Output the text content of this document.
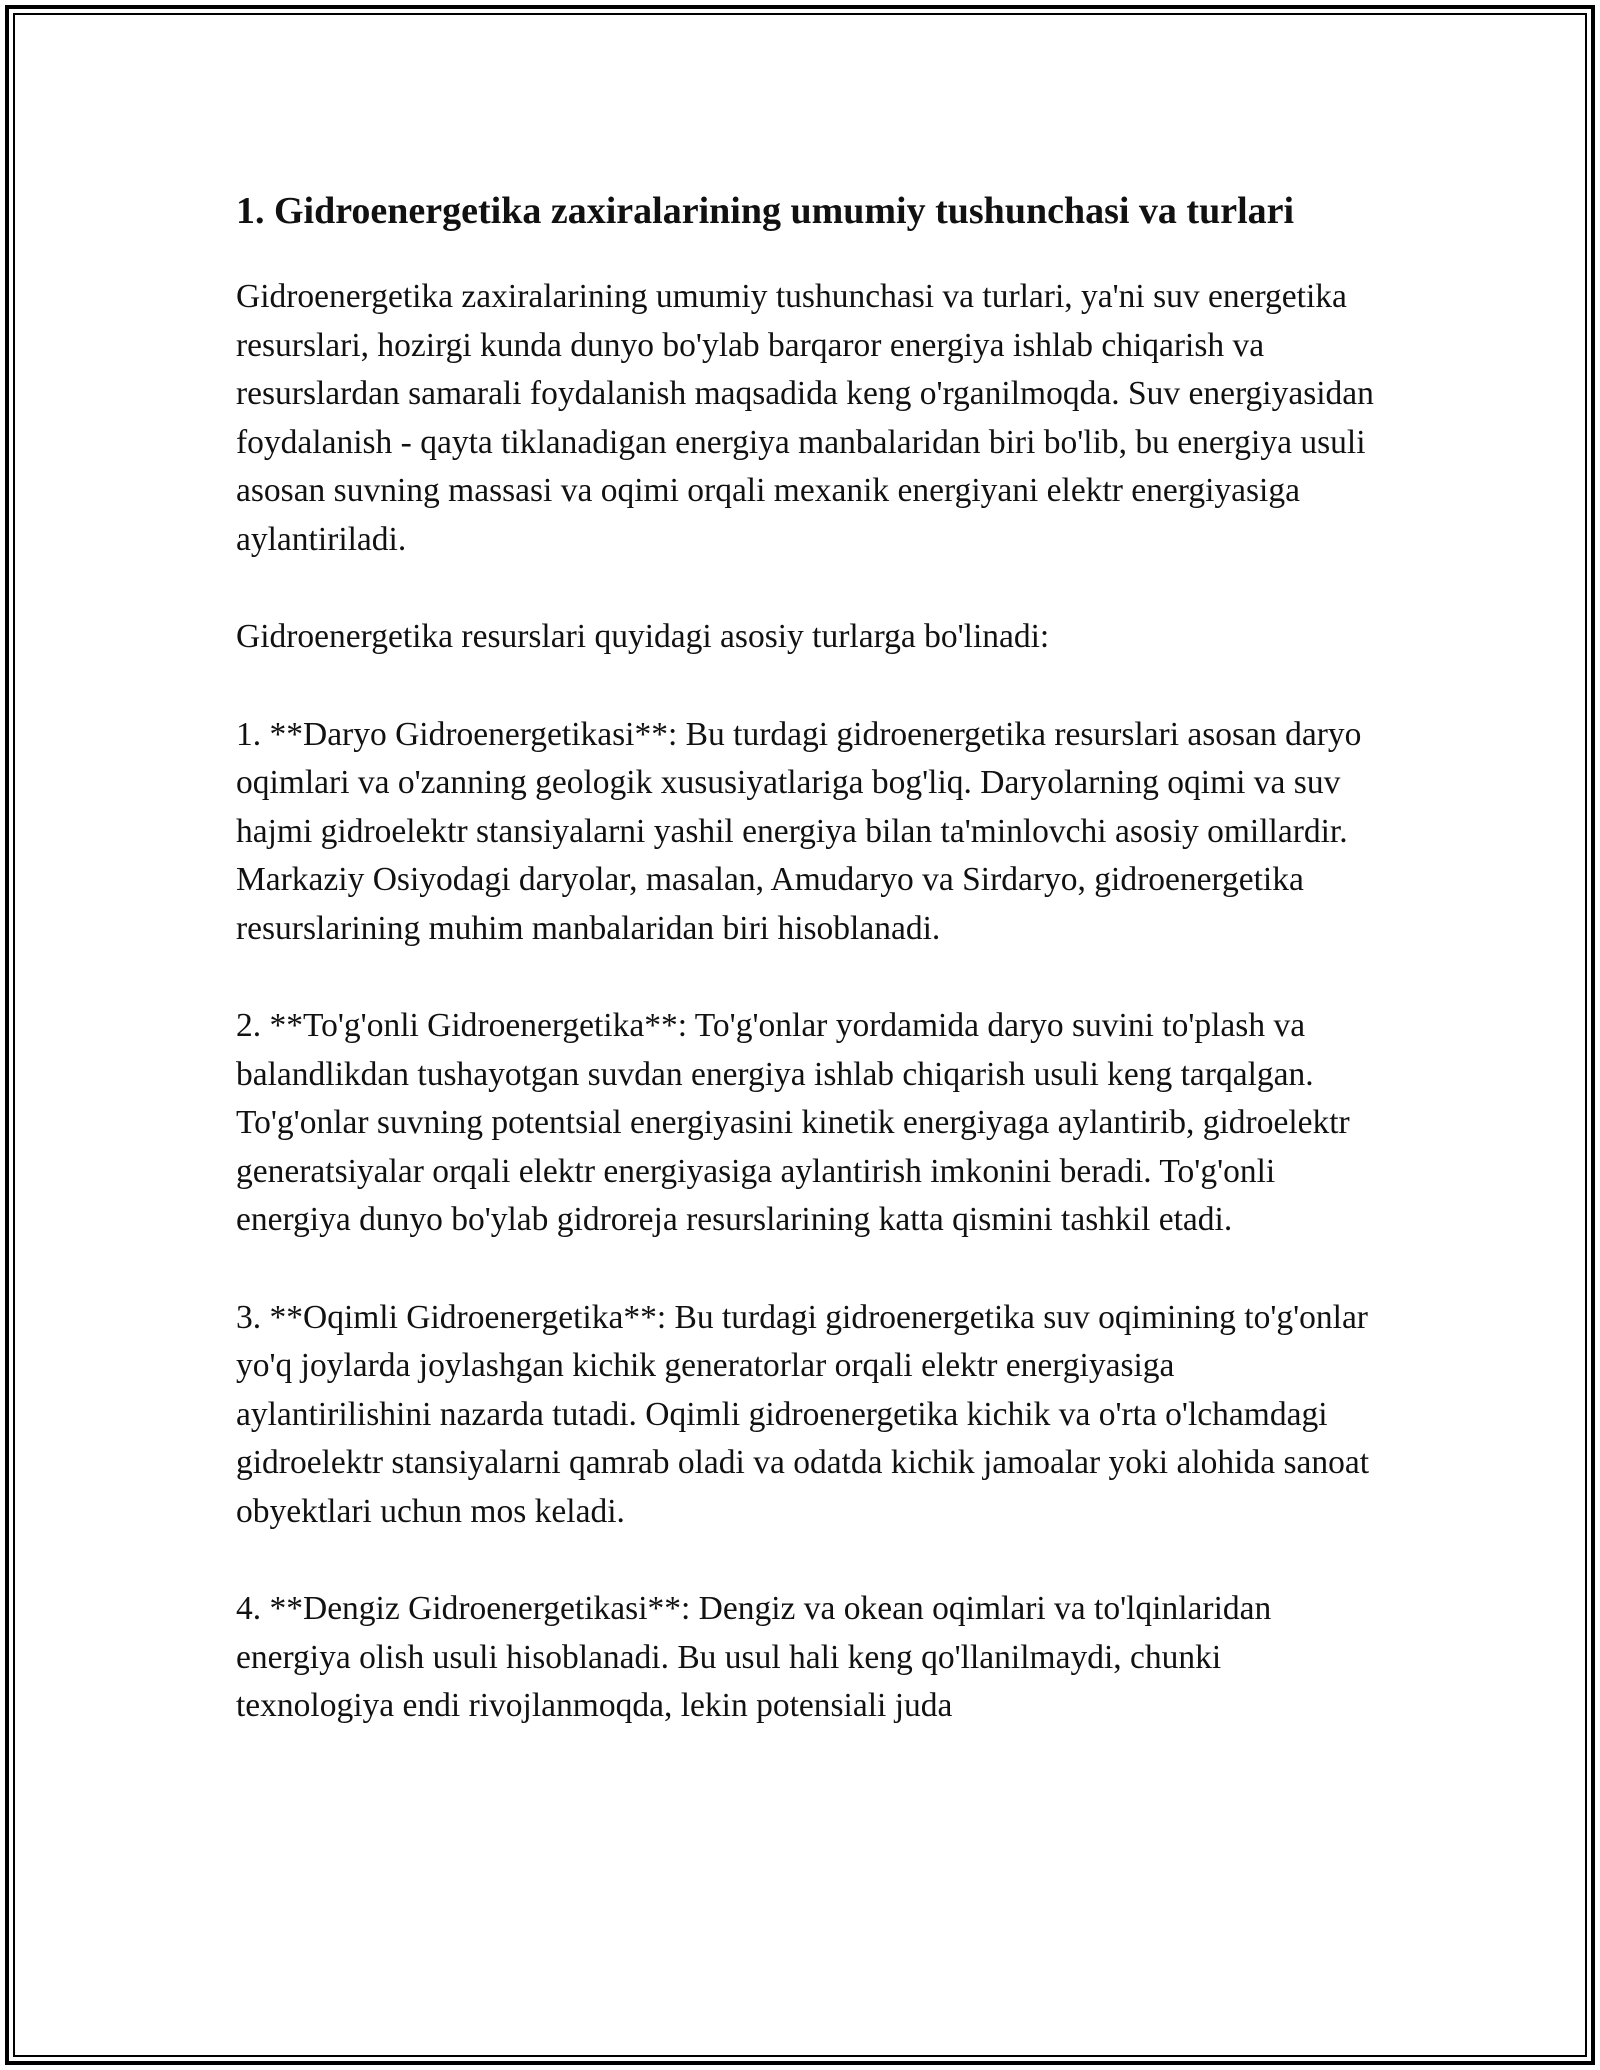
1. Gidroenergetika zaxiralarining umumiy tushunchasi va turlari

Gidroenergetika zaxiralarining umumiy tushunchasi va turlari, ya'ni suv energetika resurslari, hozirgi kunda dunyo bo'ylab barqaror energiya ishlab chiqarish va resurslardan samarali foydalanish maqsadida keng o'rganilmoqda. Suv energiyasidan foydalanish - qayta tiklanadigan energiya manbalaridan biri bo'lib, bu energiya usuli asosan suvning massasi va oqimi orqali mexanik energiyani elektr energiyasiga aylantiriladi.

Gidroenergetika resurslari quyidagi asosiy turlarga bo'linadi:

1. **Daryo Gidroenergetikasi**: Bu turdagi gidroenergetika resurslari asosan daryo oqimlari va o'zanning geologik xususiyatlariga bog'liq. Daryolarning oqimi va suv hajmi gidroelektr stansiyalarni yashil energiya bilan ta'minlovchi asosiy omillardir. Markaziy Osiyodagi daryolar, masalan, Amudaryo va Sirdaryo, gidroenergetika resurslarining muhim manbalaridan biri hisoblanadi.

2. **To'g'onli Gidroenergetika**: To'g'onlar yordamida daryo suvini to'plash va balandlikdan tushayotgan suvdan energiya ishlab chiqarish usuli keng tarqalgan. To'g'onlar suvning potentsial energiyasini kinetik energiyaga aylantirib, gidroelektr generatsiyalar orqali elektr energiyasiga aylantirish imkonini beradi. To'g'onli energiya dunyo bo'ylab gidroreja resurslarining katta qismini tashkil etadi.

3. **Oqimli Gidroenergetika**: Bu turdagi gidroenergetika suv oqimining to'g'onlar yo'q joylarda joylashgan kichik generatorlar orqali elektr energiyasiga aylantirilishini nazarda tutadi. Oqimli gidroenergetika kichik va o'rta o'lchamdagi gidroelektr stansiyalarni qamrab oladi va odatda kichik jamoalar yoki alohida sanoat obyektlari uchun mos keladi.

4. **Dengiz Gidroenergetikasi**: Dengiz va okean oqimlari va to'lqinlaridan energiya olish usuli hisoblanadi. Bu usul hali keng qo'llanilmaydi, chunki texnologiya endi rivojlanmoqda, lekin potensiali juda
